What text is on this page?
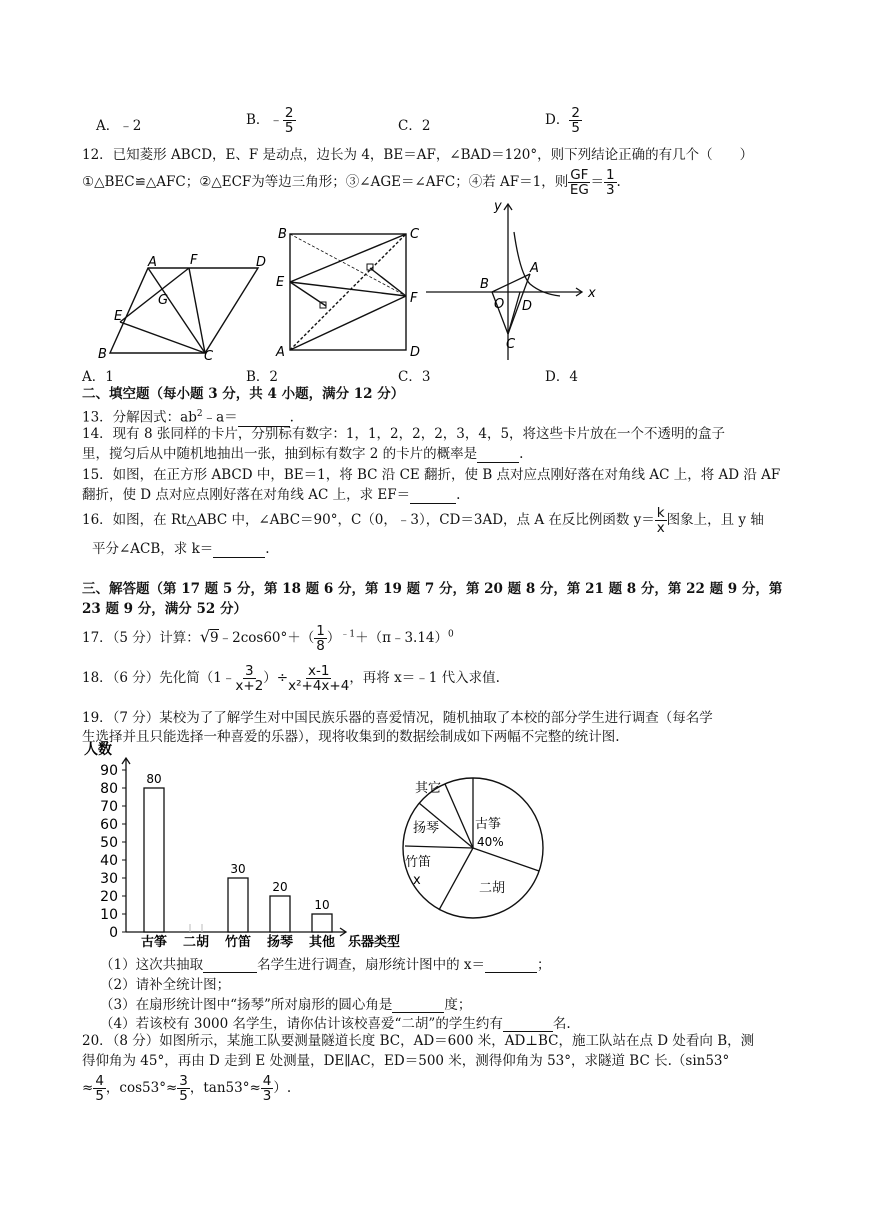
A．﹣2	B．﹣ $\frac{2}{5}$	C．2	D． $\frac{2}{5}$
12．已知菱形 ABCD，E、F 是动点，边长为 4，BE＝AF，∠BAD＝120°，则下列结论正确的有几个（　　）
①△BEC≌△AFC；②△ECF为等边三角形；③∠AGE＝∠AFC；④若 AF＝1，则 $\frac{GF}{EG} = \frac{1}{3}$ .
A	F	D
G
E
B	C
B	C
E
F
A	D
y
x
B
A
O D
C
A．1	B．2	C．3	D．4
二、填空题（每小题 3 分，共 4 小题，满分 12 分）
13．分解因式：$ab^2﹣a=$	.
14．现有 8 张同样的卡片，分别标有数字：1，1，2，2，2，3，4，5，将这些卡片放在一个不透明的盒子
里，搅匀后从中随机地抽出一张，抽到标有数字 2 的卡片的概率是	.
15．如图，在正方形 ABCD 中，BE＝1，将 BC 沿 CE 翻折，使 B 点对应点刚好落在对角线 AC 上，将 AD 沿 AF
翻折，使 D 点对应点刚好落在对角线 AC 上，求 EF＝	.
16．如图，在 Rt△ABC 中，∠ABC＝90°，C（0，﹣3），CD＝3AD，点 A 在反比例函数 $y= \frac{k}{x}$ 图象上，且 y 轴
平分∠ACB，求 k＝	.
三、解答题（第 17 题 5 分，第 18 题 6 分，第 19 题 7 分，第 20 题 8 分，第 21 题 8 分，第 22 题 9 分，第
23 题 9 分，满分 52 分）
17．（5 分）计算：√9﹣2cos60°＋（ $\frac{1}{8}$ ）$^{﹣1}$＋（π﹣3.14）$^0$
18．（6 分）先化简（1﹣ $\frac{3}{x+2}$ ）÷ $\frac{x-1}{\text{x²+4x+4}}$ ，再将 x＝﹣1 代入求值.
19．（7 分）某校为了了解学生对中国民族乐器的喜爱情况，随机抽取了本校的部分学生进行调查（每名学
生选择并且只能选择一种喜爱的乐器），现将收集到的数据绘制成如下两幅不完整的统计图.
0
10
20
30
40
50
60
70
80
90 80
古筝 二胡
30
竹笛
20
扬琴
10
其他
人数
乐器类型
其它
扬琴	古筝
40%
竹笛
x
二胡
（1）这次共抽取	名学生进行调查，扇形统计图中的 x＝	；
（2）请补全统计图；
（3）在扇形统计图中“扬琴”所对扇形的圆心角是	度；
（4）若该校有 3000 名学生，请你估计该校喜爱“二胡”的学生约有	名.
20．（8 分）如图所示，某施工队要测量隧道长度 BC，AD＝600 米，AD⊥BC，施工队站在点 D 处看向 B，测
得仰角为 45°，再由 D 走到 E 处测量，DE∥AC，ED＝500 米，测得仰角为 53°，求隧道 BC 长.（sin53°
≈ $\frac{4}{5}$ ，$\cos 53^\circ\approx \frac{3}{5}$ ，$\tan 53^\circ\approx \frac{4}{3}$ ）.
